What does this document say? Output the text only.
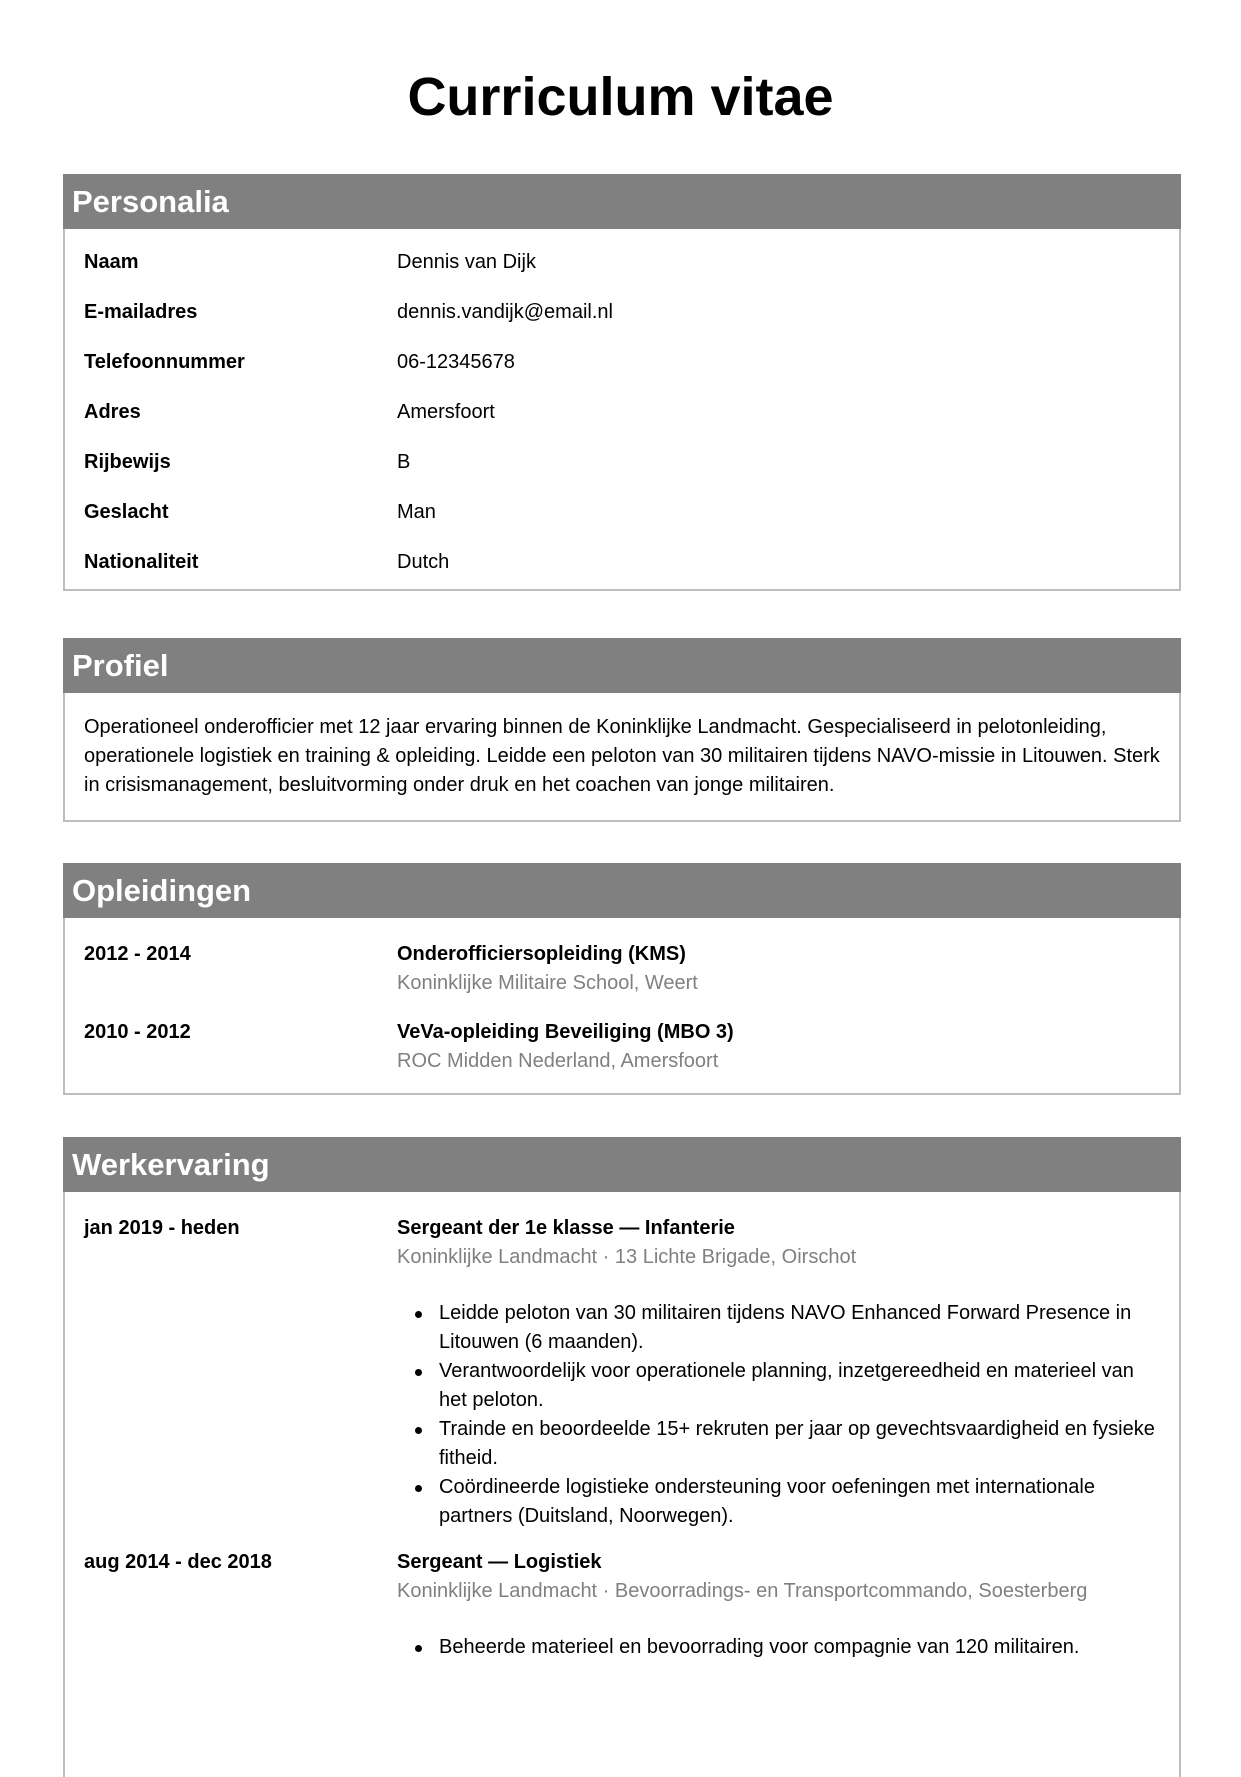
Curriculum vitae
Personalia
Naam	Dennis van Dijk
E-mailadres	dennis.vandijk@email.nl
Telefoonnummer	06-12345678
Adres	Amersfoort
Rijbewijs	B
Geslacht	Man
Nationaliteit	Dutch
Profiel
Operationeel onderofficier met 12 jaar ervaring binnen de Koninklijke Landmacht. Gespecialiseerd in pelotonleiding, operationele logistiek en training & opleiding. Leidde een peloton van 30 militairen tijdens NAVO-missie in Litouwen. Sterk in crisismanagement, besluitvorming onder druk en het coachen van jonge militairen.
Opleidingen
2012 - 2014	Onderofficiersopleiding (KMS)
Koninklijke Militaire School, Weert
2010 - 2012	VeVa-opleiding Beveiliging (MBO 3)
ROC Midden Nederland, Amersfoort
Werkervaring
jan 2019 - heden	Sergeant der 1e klasse — Infanterie
Koninklijke Landmacht · 13 Lichte Brigade, Oirschot
Leidde peloton van 30 militairen tijdens NAVO Enhanced Forward Presence in Litouwen (6 maanden).
Verantwoordelijk voor operationele planning, inzetgereedheid en materieel van het peloton.
Trainde en beoordeelde 15+ rekruten per jaar op gevechtsvaardigheid en fysieke fitheid.
Coördineerde logistieke ondersteuning voor oefeningen met internationale partners (Duitsland, Noorwegen).
aug 2014 - dec 2018	Sergeant — Logistiek
Koninklijke Landmacht · Bevoorradings- en Transportcommando, Soesterberg
Beheerde materieel en bevoorrading voor compagnie van 120 militairen.
